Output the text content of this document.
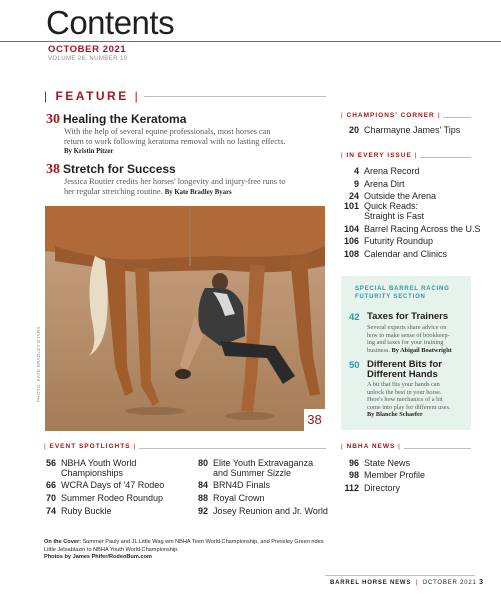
Contents
OCTOBER 2021
VOLUME 26, NUMBER 10
| FEATURE |
30 Healing the Keratoma
With the help of several equine professionals, most horses can
return to work following keratoma removal with no lasting effects.
By Kristin Pitzer
38 Stretch for Success
Jessica Routier credits her horses' longevity and injury-free runs to
her regular stretching routine. By Kate Bradley Byars
38
PHOTO: KATE BRADLEY BYARS
| CHAMPIONS' CORNER |
20 Charmayne James' Tips
| IN EVERY ISSUE |
4 Arena Record
9 Arena Dirt
24 Outside the Arena
101 Quick Reads:
Straight is Fast
104 Barrel Racing Across the U.S
106 Futurity Roundup
108 Calendar and Clinics
SPECIAL BARREL RACING
FUTURITY SECTION
42 Taxes for Trainers
Several experts share advice on
how to make sense of bookkeep-
ing and taxes for your training
business. By Abigail Boatwright
50 Different Bits for
Different Hands
A bit that fits your hands can
unlock the best in your horse.
Here's how mechanics of a bit
come into play for different uses.
By Blanche Schaefer
| EVENT SPOTLIGHTS |
56 NBHA Youth World
Championships
66 WCRA Days of '47 Rodeo
70 Summer Rodeo Roundup
74 Ruby Buckle
80 Elite Youth Extravaganza
and Summer Sizzle
84 BRN4D Finals
88 Royal Crown
92 Josey Reunion and Jr. World
| NBHA NEWS |
96 State News
98 Member Profile
112 Directory
On the Cover: Summer Pauly and JL Little Wag win NBHA Teen World Championship, and Pressley Green rides
Little Jetsablazin to NBHA Youth World Championship.
Photos by James Phifer/RodeoBum.com
BARREL HORSE NEWS | OCTOBER 2021 3
